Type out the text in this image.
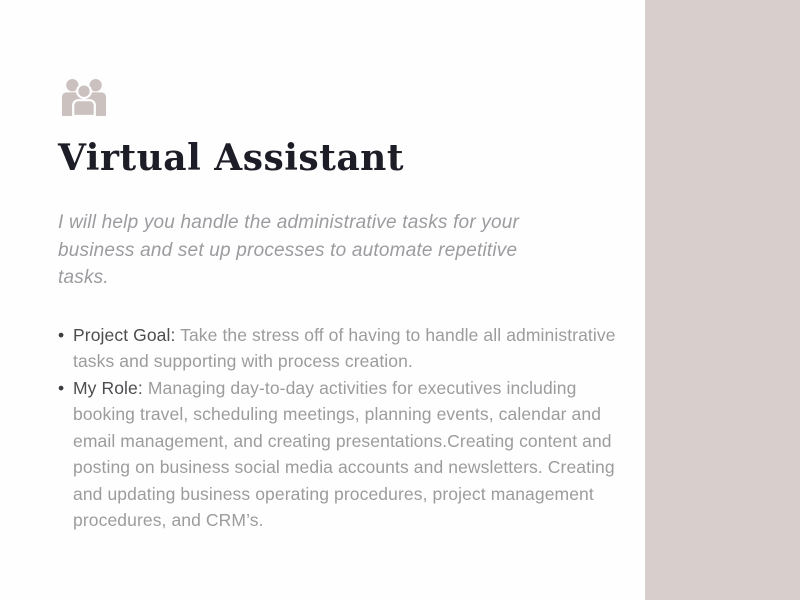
Virtual Assistant

I will help you handle the administrative tasks for your business and set up processes to automate repetitive tasks.

• Project Goal: Take the stress off of having to handle all administrative tasks and supporting with process creation.
• My Role: Managing day-to-day activities for executives including booking travel, scheduling meetings, planning events, calendar and email management, and creating presentations.Creating content and posting on business social media accounts and newsletters. Creating and updating business operating procedures, project management procedures, and CRM’s.
